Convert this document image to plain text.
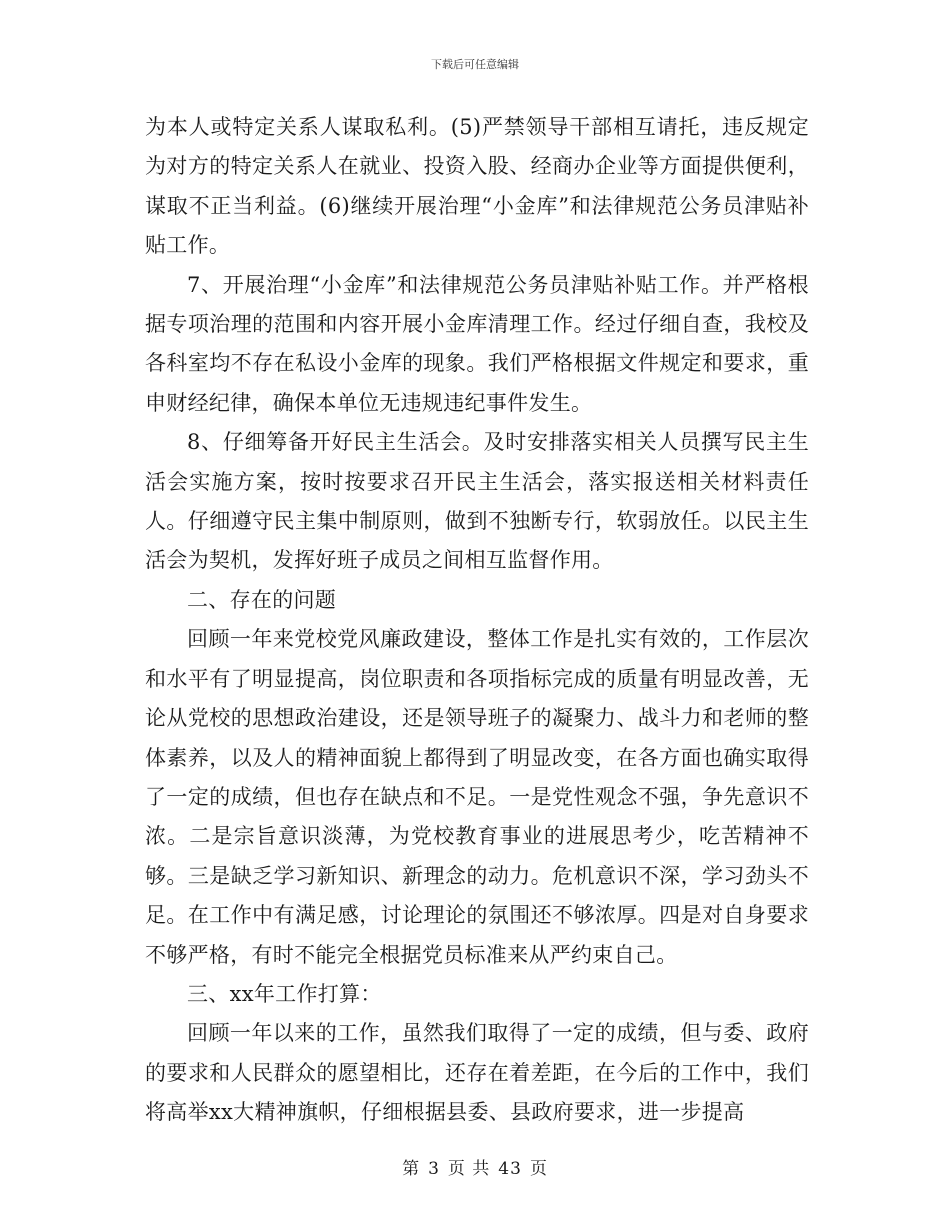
下载后可任意编辑

为本人或特定关系人谋取私利。(5)严禁领导干部相互请托，违反规定为对方的特定关系人在就业、投资入股、经商办企业等方面提供便利，谋取不正当利益。(6)继续开展治理“小金库”和法律规范公务员津贴补贴工作。

7、开展治理“小金库”和法律规范公务员津贴补贴工作。并严格根据专项治理的范围和内容开展小金库清理工作。经过仔细自查，我校及各科室均不存在私设小金库的现象。我们严格根据文件规定和要求，重申财经纪律，确保本单位无违规违纪事件发生。

8、仔细筹备开好民主生活会。及时安排落实相关人员撰写民主生活会实施方案，按时按要求召开民主生活会，落实报送相关材料责任人。仔细遵守民主集中制原则，做到不独断专行，软弱放任。以民主生活会为契机，发挥好班子成员之间相互监督作用。

二、存在的问题

回顾一年来党校党风廉政建设，整体工作是扎实有效的，工作层次和水平有了明显提高，岗位职责和各项指标完成的质量有明显改善，无论从党校的思想政治建设，还是领导班子的凝聚力、战斗力和老师的整体素养，以及人的精神面貌上都得到了明显改变，在各方面也确实取得了一定的成绩，但也存在缺点和不足。一是党性观念不强，争先意识不浓。二是宗旨意识淡薄，为党校教育事业的进展思考少，吃苦精神不够。三是缺乏学习新知识、新理念的动力。危机意识不深，学习劲头不足。在工作中有满足感，讨论理论的氛围还不够浓厚。四是对自身要求不够严格，有时不能完全根据党员标准来从严约束自己。

三、xx年工作打算：

回顾一年以来的工作，虽然我们取得了一定的成绩，但与委、政府的要求和人民群众的愿望相比，还存在着差距，在今后的工作中，我们将高举xx大精神旗帜，仔细根据县委、县政府要求，进一步提高

第 3 页 共 43 页
